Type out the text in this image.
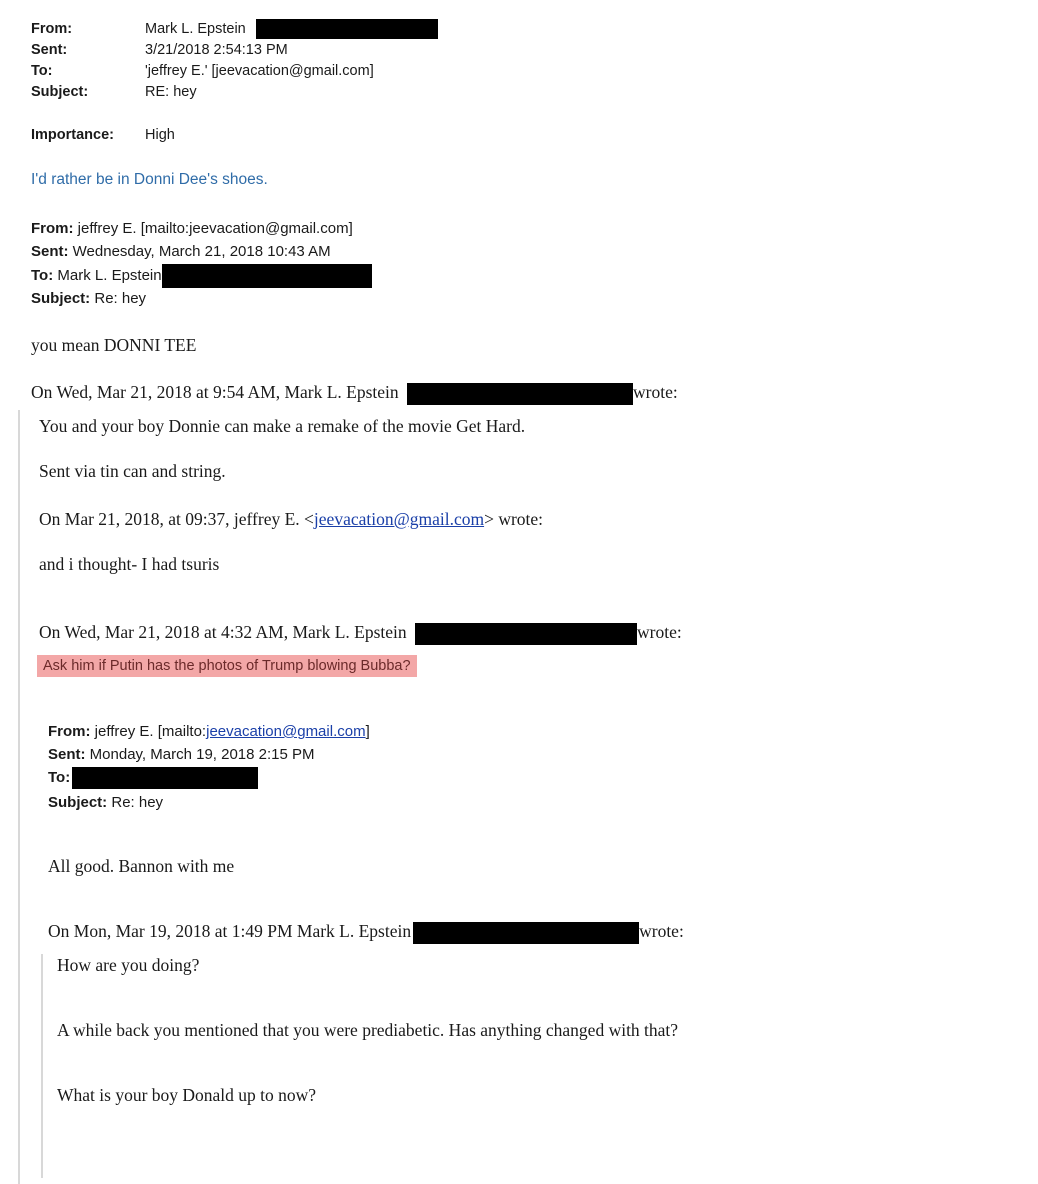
From:	Mark L. Epstein
Sent:	3/21/2018 2:54:13 PM
To:	'jeffrey E.' [jeevacation@gmail.com]
Subject:	RE: hey
Importance: High
I'd rather be in Donni Dee's shoes.
From: jeffrey E. [mailto:jeevacation@gmail.com]
Sent: Wednesday, March 21, 2018 10:43 AM
To: Mark L. Epstein
Subject: Re: hey
you mean DONNI TEE
On Wed, Mar 21, 2018 at 9:54 AM, Mark L. Epstein	wrote:
You and your boy Donnie can make a remake of the movie Get Hard.
Sent via tin can and string.
On Mar 21, 2018, at 09:37, jeffrey E. <jeevacation@gmail.com> wrote:
and i thought- I had tsuris
On Wed, Mar 21, 2018 at 4:32 AM, Mark L. Epstein	wrote:
Ask him if Putin has the photos of Trump blowing Bubba?
From: jeffrey E. [mailto:jeevacation@gmail.com]
Sent: Monday, March 19, 2018 2:15 PM
To:
Subject: Re: hey
All good. Bannon with me
On Mon, Mar 19, 2018 at 1:49 PM Mark L. Epstein	wrote:
How are you doing?
A while back you mentioned that you were prediabetic. Has anything changed with that?
What is your boy Donald up to now?
